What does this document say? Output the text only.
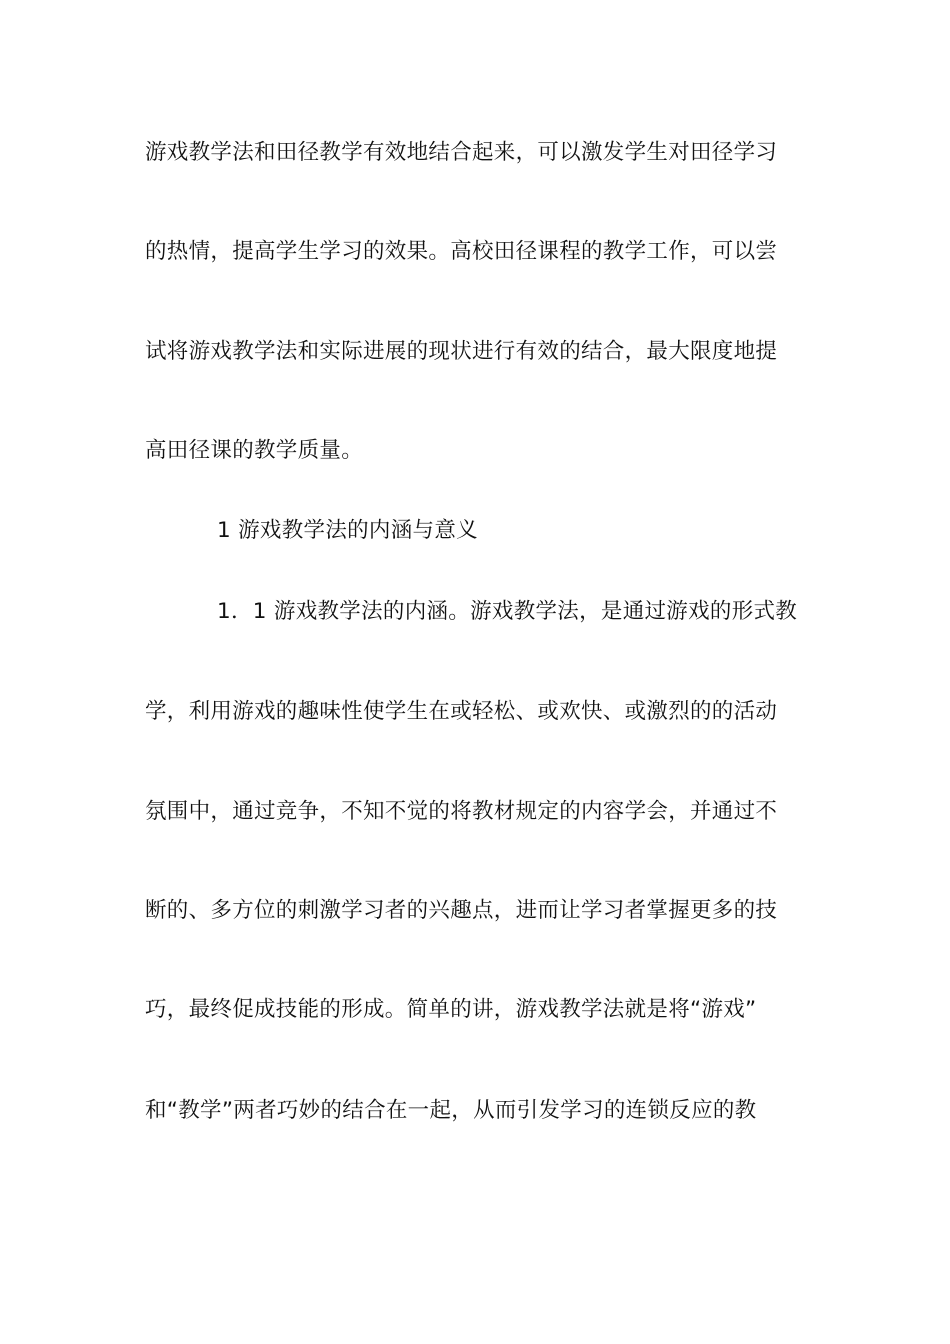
游戏教学法和田径教学有效地结合起来，可以激发学生对田径学习
的热情，提高学生学习的效果。高校田径课程的教学工作，可以尝
试将游戏教学法和实际进展的现状进行有效的结合，最大限度地提
高田径课的教学质量。
1 游戏教学法的内涵与意义
1．1 游戏教学法的内涵。游戏教学法，是通过游戏的形式教
学，利用游戏的趣味性使学生在或轻松、或欢快、或激烈的的活动
氛围中，通过竞争，不知不觉的将教材规定的内容学会，并通过不
断的、多方位的刺激学习者的兴趣点，进而让学习者掌握更多的技
巧，最终促成技能的形成。简单的讲，游戏教学法就是将“游戏”
和“教学”两者巧妙的结合在一起，从而引发学习的连锁反应的教
